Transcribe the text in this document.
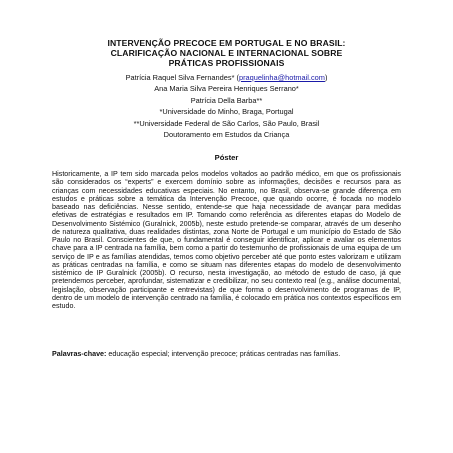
INTERVENÇÃO PRECOCE EM PORTUGAL E NO BRASIL:
CLARIFICAÇÃO NACIONAL E INTERNACIONAL SOBRE
PRÁTICAS PROFISSIONAIS
Patrícia Raquel Silva Fernandes* (praquelinha@hotmail.com)
Ana Maria Silva Pereira Henriques Serrano*
Patrícia Della Barba**
*Universidade do Minho, Braga, Portugal
**Universidade Federal de São Carlos, São Paulo, Brasil
Doutoramento em Estudos da Criança
Póster

Historicamente, a IP tem sido marcada pelos modelos voltados ao padrão médico, em que os profissionais são considerados os “experts” e exercem domínio sobre as informações, decisões e recursos para as crianças com necessidades educativas especiais. No entanto, no Brasil, observa-se grande diferença em estudos e práticas sobre a temática da Intervenção Precoce, que quando ocorre, é focada no modelo baseado nas deficiências. Nesse sentido, entende-se que haja necessidade de avançar para medidas efetivas de estratégias e resultados em IP. Tomando como referência as diferentes etapas do Modelo de Desenvolvimento Sistémico (Guralnick, 2005b), neste estudo pretende-se comparar, através de um desenho de natureza qualitativa, duas realidades distintas, zona Norte de Portugal e um município do Estado de São Paulo no Brasil. Conscientes de que, o fundamental é conseguir identificar, aplicar e avaliar os elementos chave para a IP centrada na família, bem como a partir do testemunho de profissionais de uma equipa de um serviço de IP e as famílias atendidas, temos como objetivo perceber até que ponto estes valorizam e utilizam as práticas centradas na família, e como se situam nas diferentes etapas do modelo de desenvolvimento sistémico de IP Guralnick (2005b). O recurso, nesta investigação, ao método de estudo de caso, já que pretendemos perceber, aprofundar, sistematizar e credibilizar, no seu contexto real (e.g., análise documental, legislação, observação participante e entrevistas) de que forma o desenvolvimento de programas de IP, dentro de um modelo de intervenção centrado na família, é colocado em prática nos contextos específicos em estudo.

Palavras-chave: educação especial; intervenção precoce; práticas centradas nas famílias.
